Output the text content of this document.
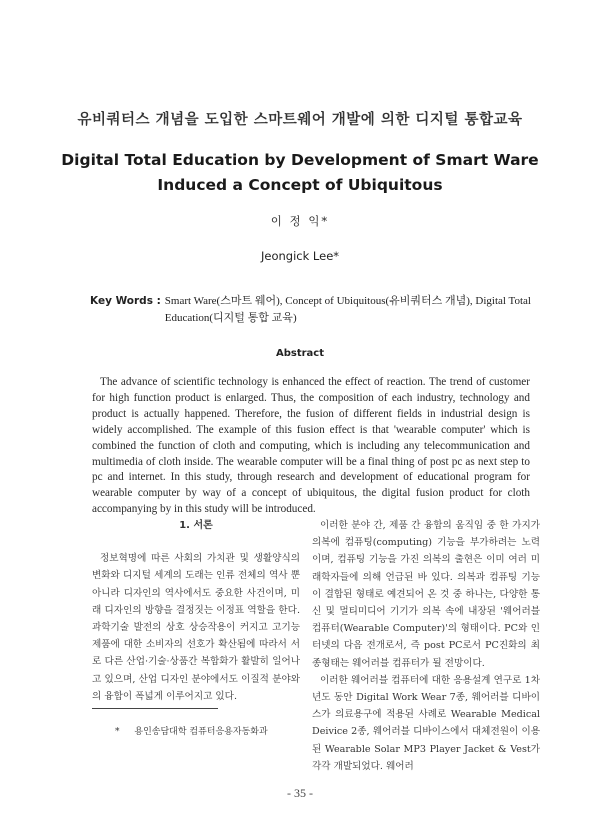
유비쿼터스 개념을 도입한 스마트웨어 개발에 의한 디지털 통합교육
Digital Total Education by Development of Smart Ware Induced a Concept of Ubiquitous
이 정 익*
Jeongick Lee*
Key Words : Smart Ware(스마트 웨어), Concept of Ubiquitous(유비쿼터스 개념), Digital Total Education(디지털 통합 교육)
Abstract
The advance of scientific technology is enhanced the effect of reaction. The trend of customer for high function product is enlarged. Thus, the composition of each industry, technology and product is actually happened. Therefore, the fusion of different fields in industrial design is widely accomplished. The example of this fusion effect is that 'wearable computer' which is combined the function of cloth and computing, which is including any telecommunication and multimedia of cloth inside. The wearable computer will be a final thing of post pc as next step to pc and internet. In this study, through research and development of educational program for wearable computer by way of a concept of ubiquitous, the digital fusion product for cloth accompanying by in this study will be introduced.
1. 서론

정보혁명에 따른 사회의 가치관 및 생활양식의 변화와 디지털 세계의 도래는 인류 전체의 역사 뿐 아니라 디자인의 역사에서도 중요한 사건이며, 미래 디자인의 방향을 결정짓는 이정표 역할을 한다. 과학기술 발전의 상호 상승작용이 커지고 고기능 제품에 대한 소비자의 선호가 확산됨에 따라서 서로 다른 산업·기술·상품간 복합화가 활발히 일어나고 있으며, 산업 디자인 분야에서도 이질적 분야와의 융합이 폭넓게 이루어지고 있다.

이러한 분야 간, 제품 간 융합의 움직임 중 한 가지가 의복에 컴퓨팅(computing) 기능을 부가하려는 노력이며, 컴퓨팅 기능을 가진 의복의 출현은 이미 여러 미래학자들에 의해 언급된 바 있다. 의복과 컴퓨팅 기능이 결합된 형태로 예견되어 온 것 중 하나는, 다양한 통신 및 멀티미디어 기기가 의복 속에 내장된 '웨어러블 컴퓨터(Wearable Computer)'의 형태이다. PC와 인터넷의 다음 전개로서, 즉 post PC로서 PC진화의 최종형태는 웨어러블 컴퓨터가 될 전망이다.

이러한 웨어러블 컴퓨터에 대한 응용설계 연구로 1차년도 동안 Digital Work Wear 7종, 웨어러블 디바이스가 의료용구에 적용된 사례로 Wearable Medical Deivice 2종, 웨어러블 디바이스에서 대체전원이 이용된 Wearable Solar MP3 Player Jacket & Vest가 각각 개발되었다. 웨어러

* 용인송담대학 컴퓨터응용자동화과
- 35 -
